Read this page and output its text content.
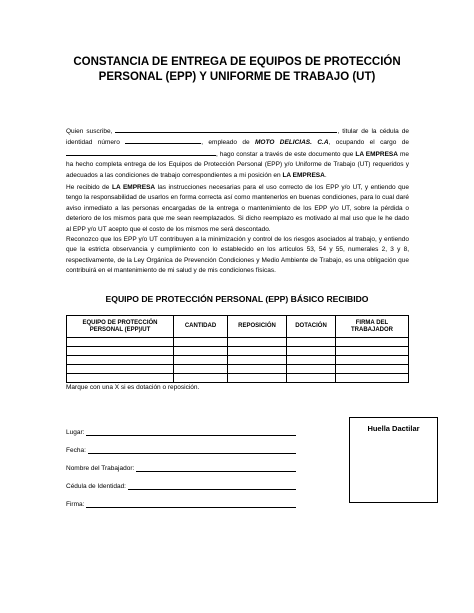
CONSTANCIA DE ENTREGA DE EQUIPOS DE PROTECCIÓN
PERSONAL (EPP) Y UNIFORME DE TRABAJO (UT)

Quien suscribe,	, titular de la cédula de identidad número	, empleado de MOTO DELICIAS. C.A, ocupando el cargo de , hago constar a través de este documento que LA EMPRESA me ha hecho completa entrega de los Equipos de Protección Personal (EPP) y/o Uniforme de Trabajo (UT) requeridos y adecuados a las condiciones de trabajo correspondientes a mi posición en LA EMPRESA.

He recibido de LA EMPRESA las instrucciones necesarias para el uso correcto de los EPP y/o UT, y entiendo que tengo la responsabilidad de usarlos en forma correcta así como mantenerlos en buenas condiciones, para lo cual daré aviso inmediato a las personas encargadas de la entrega o mantenimiento de los EPP y/o UT, sobre la pérdida o deterioro de los mismos para que me sean reemplazados. Si dicho reemplazo es motivado al mal uso que le he dado al EPP y/o UT acepto que el costo de los mismos me será descontado.

Reconozco que los EPP y/o UT contribuyen a la minimización y control de los riesgos asociados al trabajo, y entiendo que la estricta observancia y cumplimiento con lo establecido en los artículos 53, 54 y 55, numerales 2, 3 y 8, respectivamente, de la Ley Orgánica de Prevención Condiciones y Medio Ambiente de Trabajo, es una obligación que contribuirá en el mantenimiento de mi salud y de mis condiciones físicas.

EQUIPO DE PROTECCIÓN PERSONAL (EPP) BÁSICO RECIBIDO
EQUIPO DE PROTECCIÓN PERSONAL (EPP)/UT	CANTIDAD	REPOSICIÓN	DOTACIÓN	FIRMA DEL TRABAJADOR

Marque con una X si es dotación o reposición.
Lugar:
Fecha:
Nombre del Trabajador:
Cédula de Identidad:
Firma:
Huella Dactilar
